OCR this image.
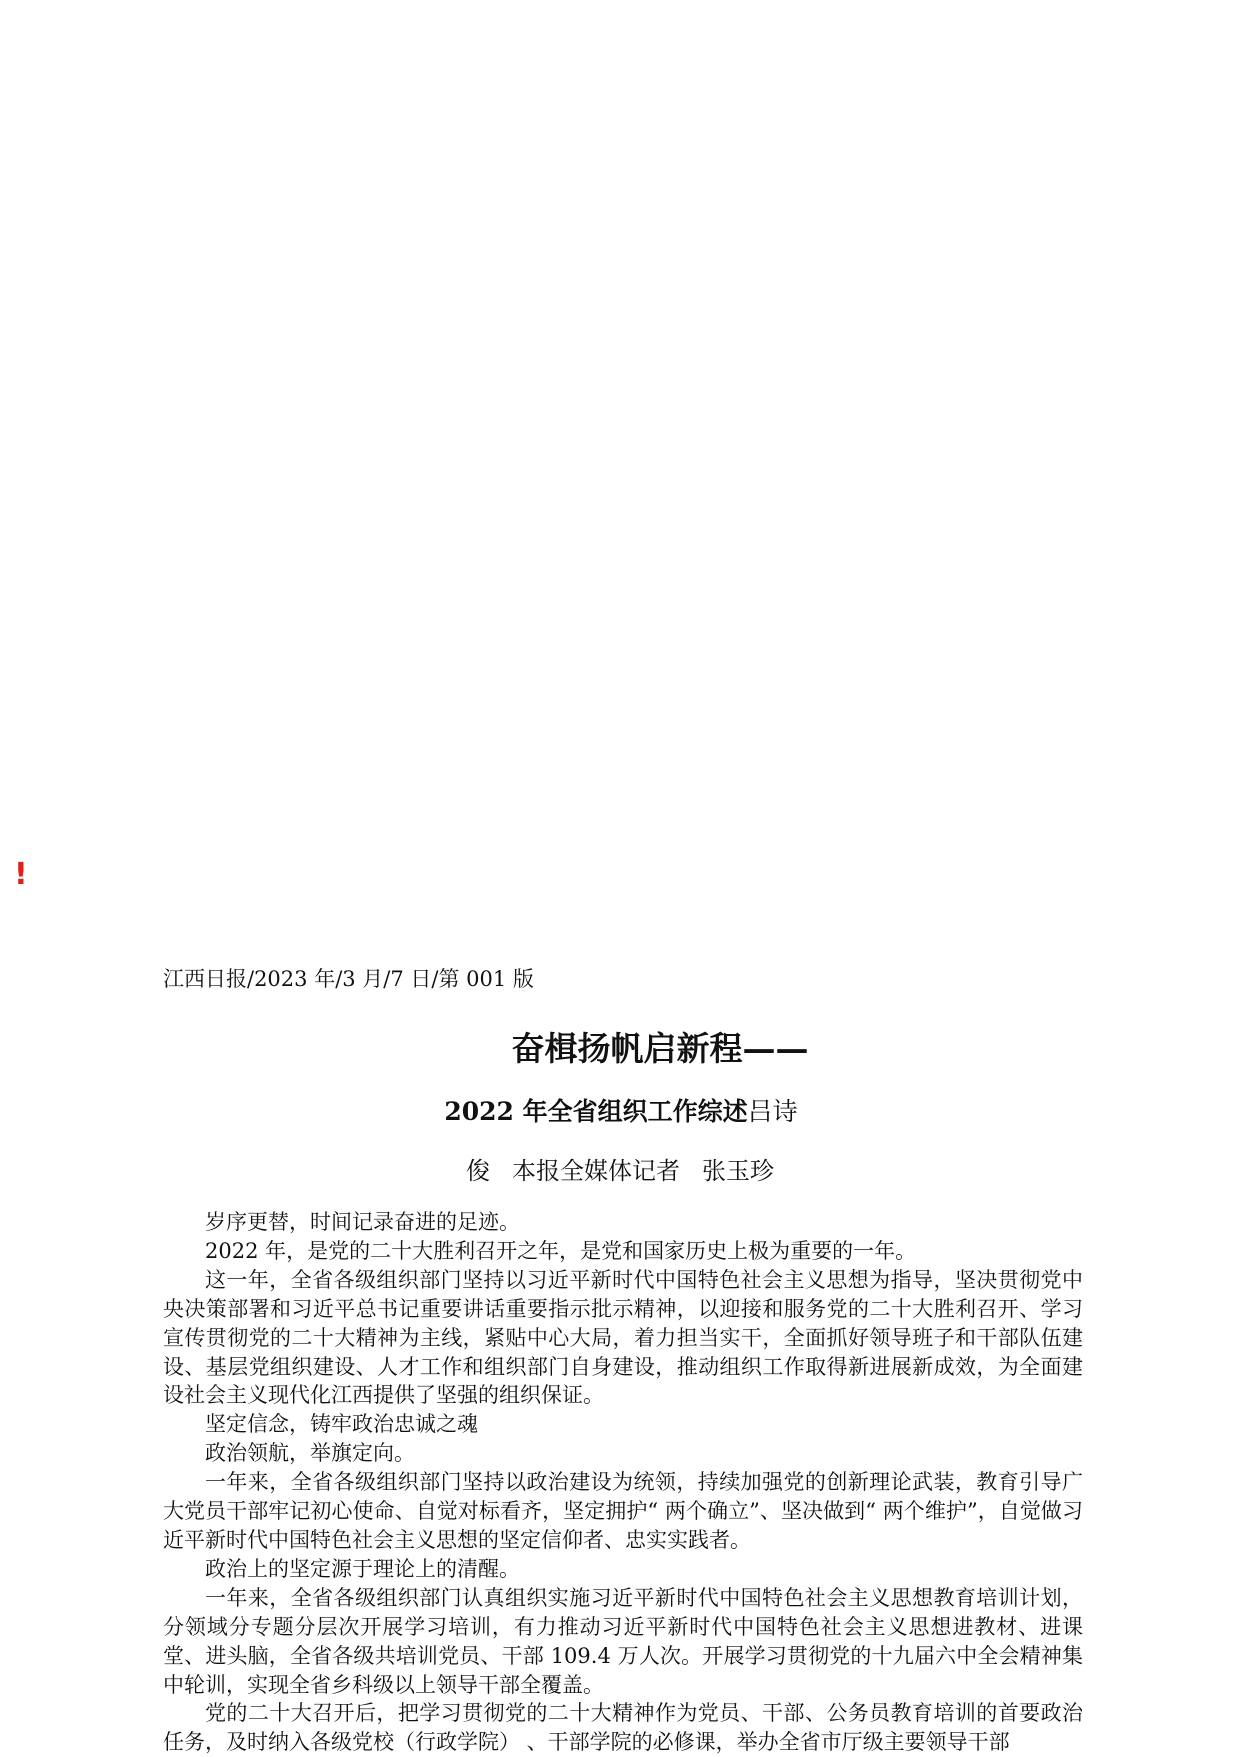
!
江西日报/2023 年/3 月/7 日/第 001 版
奋楫扬帆启新程——
2022 年全省组织工作综述吕诗
俊 本报全媒体记者 张玉珍

岁序更替，时间记录奋进的足迹。

2022 年，是党的二十大胜利召开之年，是党和国家历史上极为重要的一年。

这一年，全省各级组织部门坚持以习近平新时代中国特色社会主义思想为指导，坚决贯彻党中央决策部署和习近平总书记重要讲话重要指示批示精神，以迎接和服务党的二十大胜利召开、学习宣传贯彻党的二十大精神为主线，紧贴中心大局，着力担当实干，全面抓好领导班子和干部队伍建设、基层党组织建设、人才工作和组织部门自身建设，推动组织工作取得新进展新成效，为全面建设社会主义现代化江西提供了坚强的组织保证。

坚定信念，铸牢政治忠诚之魂

政治领航，举旗定向。

一年来，全省各级组织部门坚持以政治建设为统领，持续加强党的创新理论武装，教育引导广大党员干部牢记初心使命、自觉对标看齐，坚定拥护“ 两个确立”、坚决做到“ 两个维护”，自觉做习近平新时代中国特色社会主义思想的坚定信仰者、忠实实践者。

政治上的坚定源于理论上的清醒。

一年来，全省各级组织部门认真组织实施习近平新时代中国特色社会主义思想教育培训计划，分领域分专题分层次开展学习培训，有力推动习近平新时代中国特色社会主义思想进教材、进课堂、进头脑，全省各级共培训党员、干部 109.4 万人次。开展学习贯彻党的十九届六中全会精神集中轮训，实现全省乡科级以上领导干部全覆盖。

党的二十大召开后，把学习贯彻党的二十大精神作为党员、干部、公务员教育培训的首要政治任务，及时纳入各级党校（行政学院） 、干部学院的必修课，举办全省市厅级主要领导干部
